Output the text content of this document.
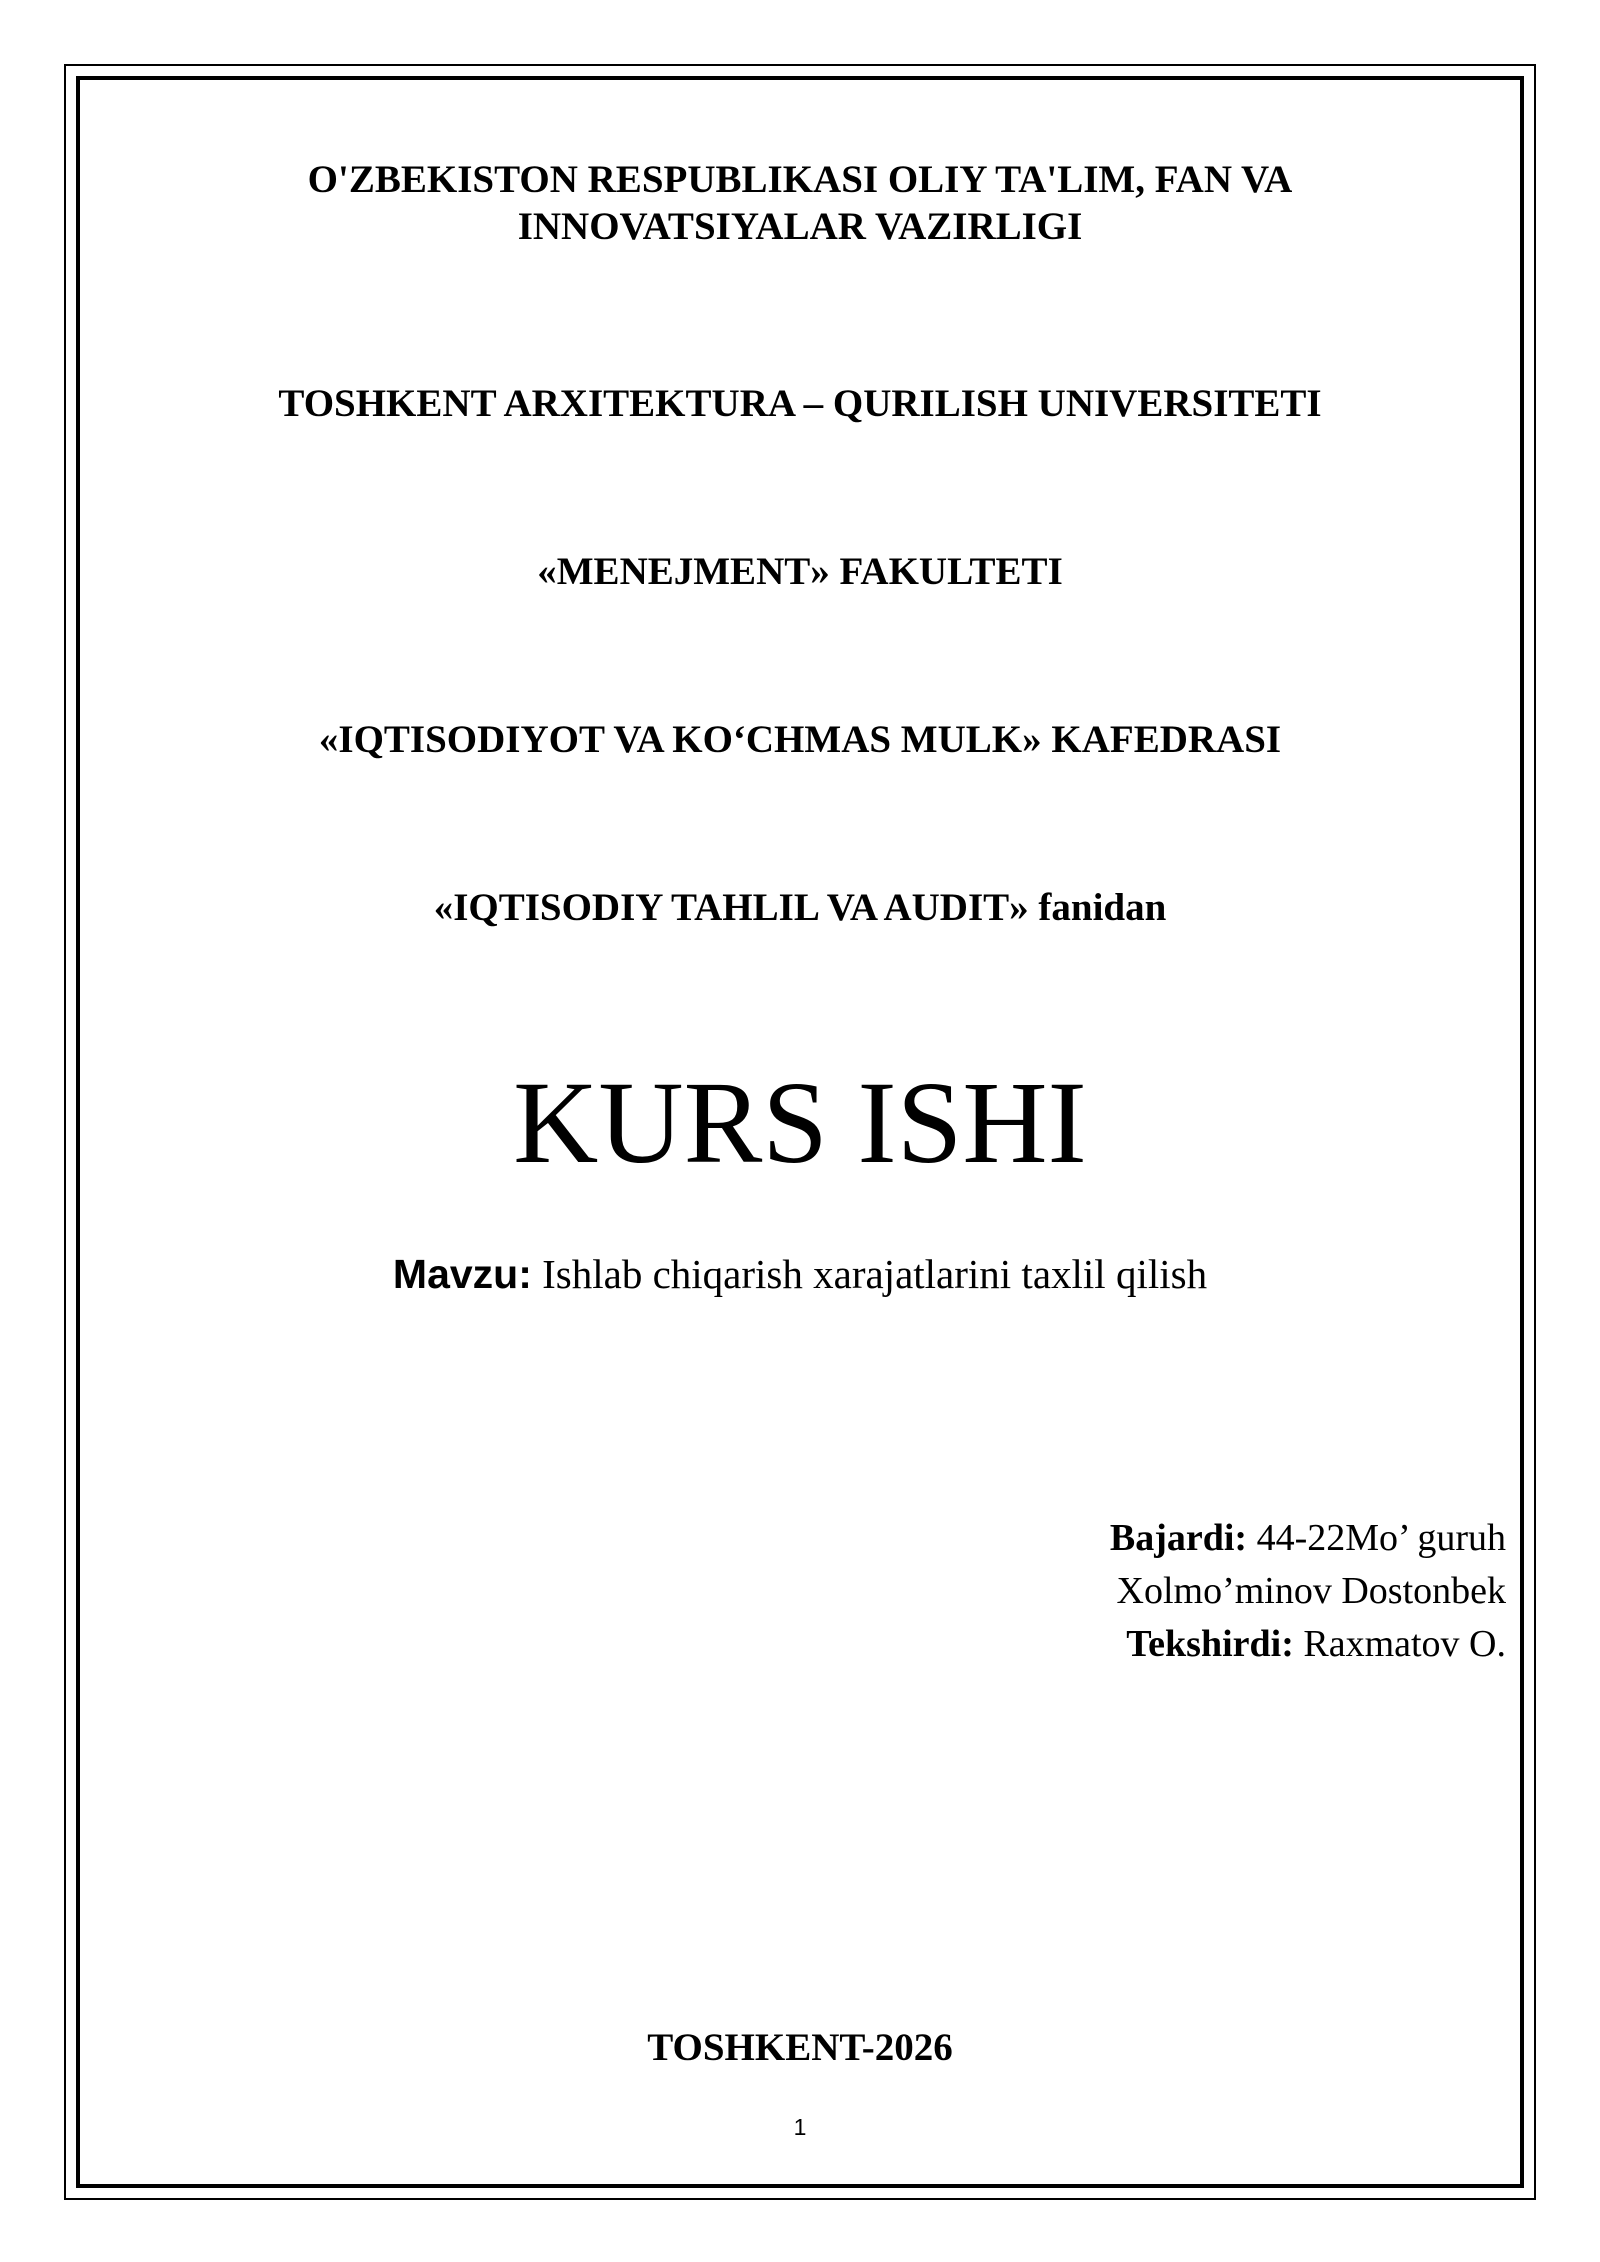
O'ZBEKISTON RESPUBLIKASI OLIY TA'LIM, FAN VA
INNOVATSIYALAR VAZIRLIGI
TOSHKENT ARXITEKTURA – QURILISH UNIVERSITETI
«MENEJMENT» FAKULTETI
«IQTISODIYOT VA KO‘CHMAS MULK» KAFEDRASI
«IQTISODIY TAHLIL VA AUDIT» fanidan
KURS ISHI
Mavzu: Ishlab chiqarish xarajatlarini taxlil qilish
Bajardi: 44-22Mo’ guruh
Xolmo’minov Dostonbek
Tekshirdi: Raxmatov O.
TOSHKENT-2026
1
